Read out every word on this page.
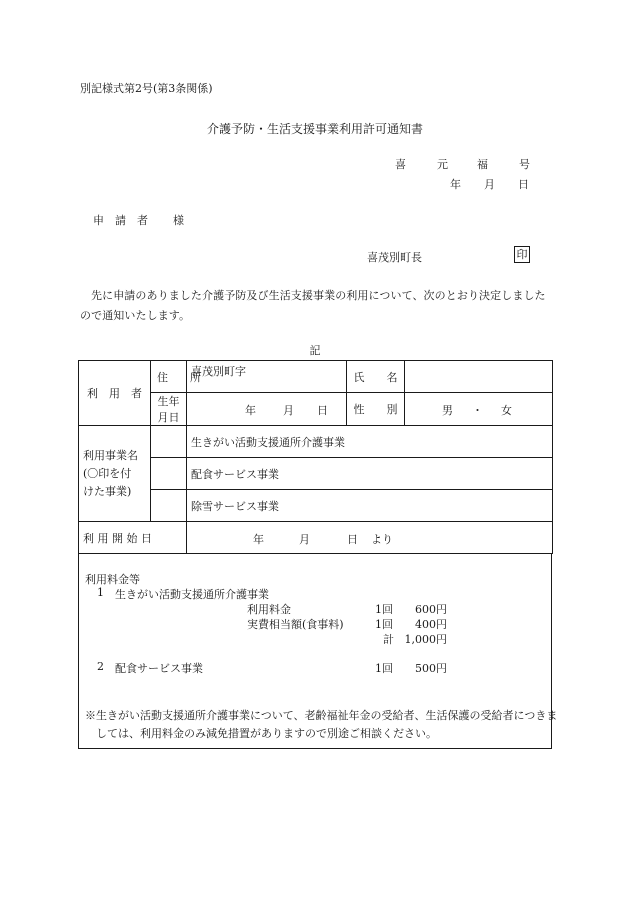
別記様式第2号(第3条関係)
介護予防・生活支援事業利用許可通知書
喜	元	福	号
年 月 日
申 請 者 様
喜茂別町長	印
先に申請のありました介護予防及び生活支援事業の利用について、次のとおり決定しましたので通知いたします。
記
利　用　者	住　　所	喜茂別町字	氏　　名	
	生年月日	年 月 日	性　　別	男 ・ 女

利用事業名
(〇印を付
けた事業)		生きがい活動支援通所介護事業		
		配食サービス事業		
		除雪サービス事業		
利 用 開 始 日		年 月 日 より		
利用料金等
1 生きがい活動支援通所介護事業
利用料金	1回	600円
実費相当額(食事料)	1回	400円
計 1,000円
2 配食サービス事業	1回	500円
※生きがい活動支援通所介護事業について、老齢福祉年金の受給者、生活保護の受給者につきましては、利用料金のみ減免措置がありますので別途ご相談ください。
